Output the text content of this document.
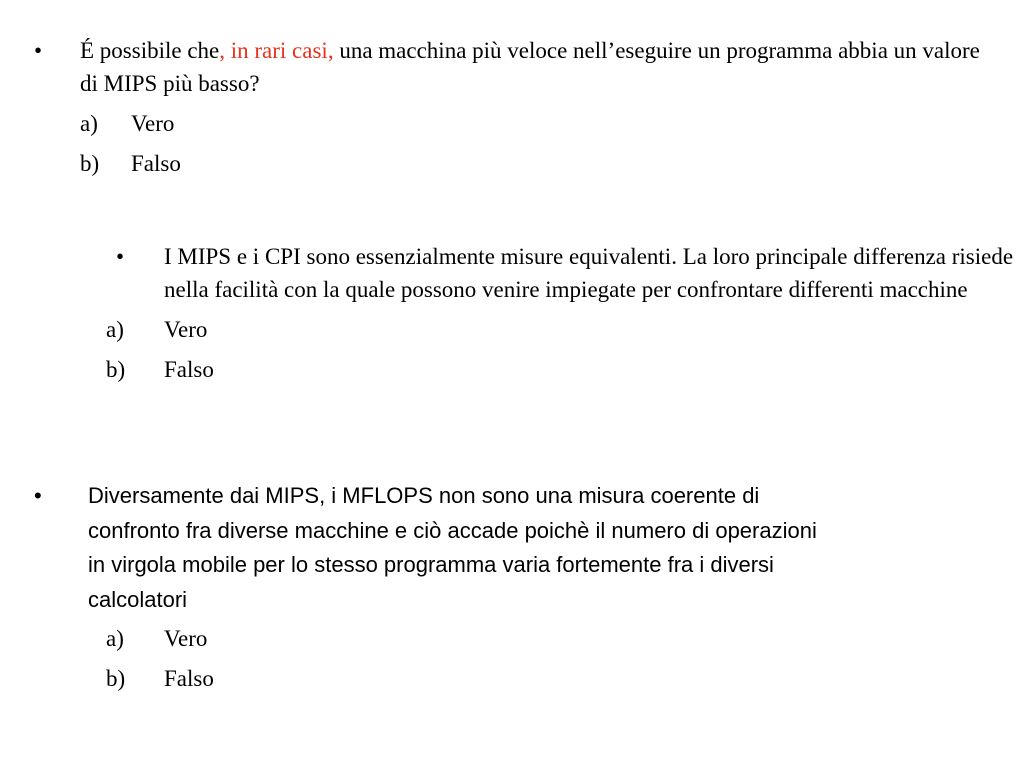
• É possibile che, in rari casi, una macchina più veloce nell’eseguire un programma abbia un valore di MIPS più basso?
a) Vero
b) Falso
• I MIPS e i CPI sono essenzialmente misure equivalenti. La loro principale differenza risiede nella facilità con la quale possono venire impiegate per confrontare differenti macchine
a) Vero
b) Falso
• Diversamente dai MIPS, i MFLOPS non sono una misura coerente di
confronto fra diverse macchine e ciò accade poichè il numero di operazioni
in virgola mobile per lo stesso programma varia fortemente fra i diversi
calcolatori
a) Vero
b) Falso
